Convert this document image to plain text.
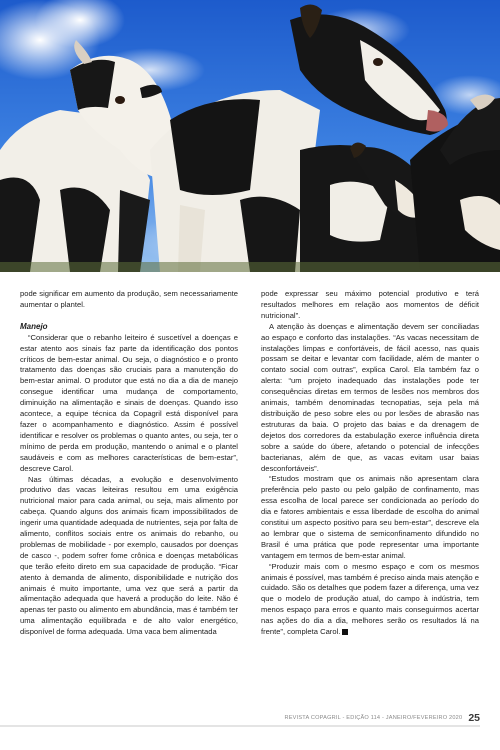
pode significar em aumento da produção, sem necessariamente aumentar o plantel.

Manejo

“Considerar que o rebanho leiteiro é suscetível a doenças e estar atento aos sinais faz parte da identificação dos pontos críticos de bem-estar animal. Ou seja, o diagnóstico e o pronto tratamento das doenças são cruciais para a manutenção do bem-estar animal. O produtor que está no dia a dia de manejo consegue identificar uma mudança de comportamento, diminuição na alimentação e sinais de doenças. Quando isso acontece, a equipe técnica da Copagril está disponível para fazer o acompanhamento e diagnóstico. Assim é possível identificar e resolver os problemas o quanto antes, ou seja, ter o mínimo de perda em produção, mantendo o animal e o plantel saudáveis e com as melhores características de bem-estar”, descreve Carol.

Nas últimas décadas, a evolução e desenvolvimento produtivo das vacas leiteiras resultou em uma exigência nutricional maior para cada animal, ou seja, mais alimento por cabeça. Quando alguns dos animais ficam impossibilitados de ingerir uma quantidade adequada de nutrientes, seja por falta de alimento, conflitos sociais entre os animais do rebanho, ou problemas de mobilidade - por exemplo, causados por doenças de casco -, podem sofrer fome crônica e doenças metabólicas que terão efeito direto em sua capacidade de produção. “Ficar atento à demanda de alimento, disponibilidade e nutrição dos animais é muito importante, uma vez que será a partir da alimentação adequada que haverá a produção do leite. Não é apenas ter pasto ou alimento em abundância, mas é também ter uma alimentação equilibrada e de alto valor energético, disponível de forma adequada. Uma vaca bem alimentada

pode expressar seu máximo potencial produtivo e terá resultados melhores em relação aos momentos de déficit nutricional”.

A atenção às doenças e alimentação devem ser conciliadas ao espaço e conforto das instalações. “As vacas necessitam de instalações limpas e confortáveis, de fácil acesso, nas quais possam se deitar e levantar com facilidade, além de manter o contato social com outras”, explica Carol. Ela também faz o alerta: “um projeto inadequado das instalações pode ter consequências diretas em termos de lesões nos membros dos animais, também denominadas tecnopatias, seja pela má distribuição de peso sobre eles ou por lesões de abrasão nas estruturas da baia. O projeto das baias e da drenagem de dejetos dos corredores da estabulação exerce influência direta sobre a saúde do úbere, afetando o potencial de infecções bacterianas, além de que, as vacas evitam usar baias desconfortáveis”.

“Estudos mostram que os animais não apresentam clara preferência pelo pasto ou pelo galpão de confinamento, mas essa escolha de local parece ser condicionada ao período do dia e fatores ambientais e essa liberdade de escolha do animal constitui um aspecto positivo para seu bem-estar”, descreve ela ao lembrar que o sistema de semiconfinamento difundido no Brasil é uma prática que pode representar uma importante vantagem em termos de bem-estar animal.

“Produzir mais com o mesmo espaço e com os mesmos animais é possível, mas também é preciso ainda mais atenção e cuidado. São os detalhes que podem fazer a diferença, uma vez que o modelo de produção atual, do campo à indústria, tem menos espaço para erros e quanto mais conseguirmos acertar nas ações do dia a dia, melhores serão os resultados lá na frente”, completa Carol.

REVISTA COPAGRIL - EDIÇÃO 114 - JANEIRO/FEVEREIRO 2020 25
